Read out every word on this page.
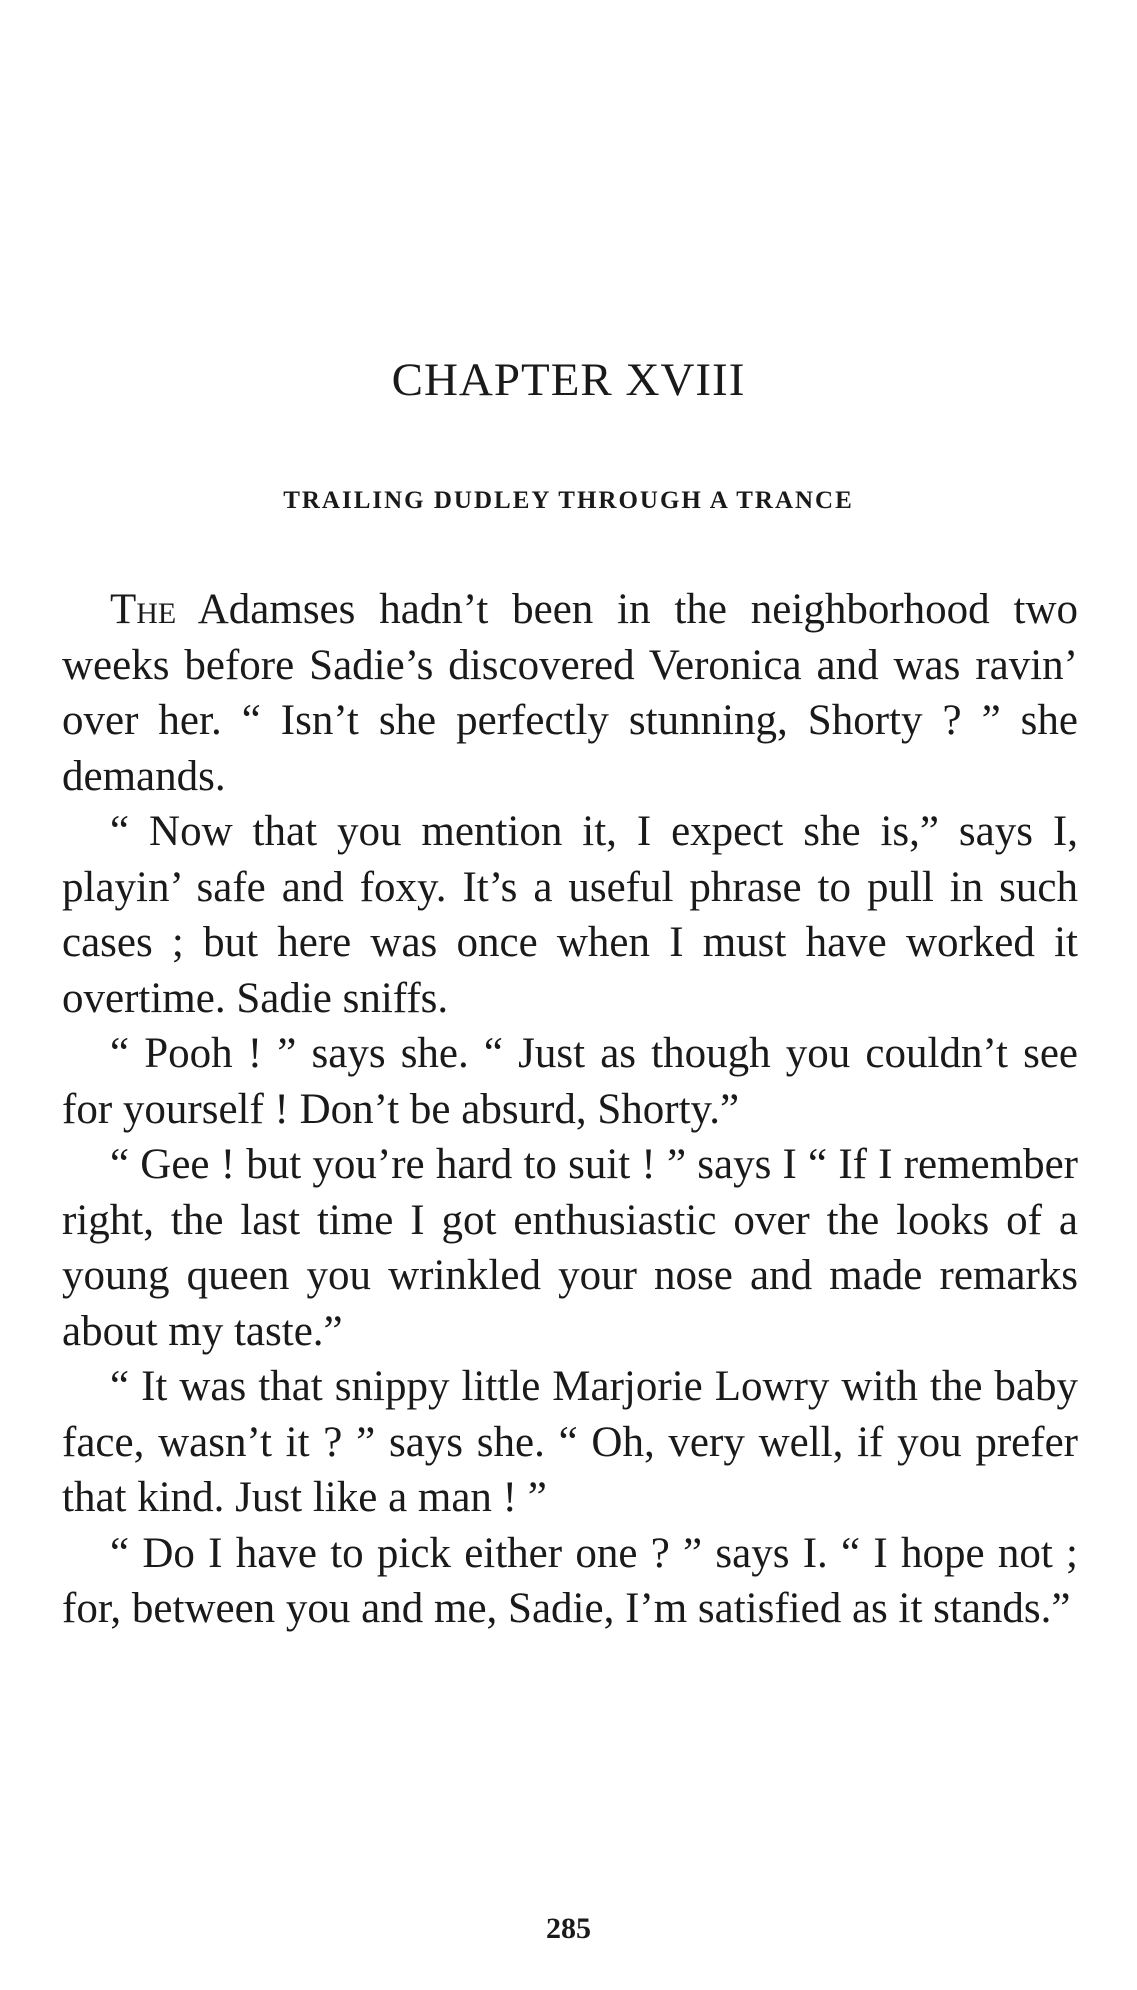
CHAPTER XVIII
TRAILING DUDLEY THROUGH A TRANCE

The Adamses hadn’t been in the neighborhood two weeks before Sadie’s discovered Veronica and was ravin’ over her. “ Isn’t she perfectly stunning, Shorty ? ” she demands.

“ Now that you mention it, I expect she is,” says I, playin’ safe and foxy. It’s a useful phrase to pull in such cases ; but here was once when I must have worked it overtime. Sadie sniffs.

“ Pooh ! ” says she. “ Just as though you couldn’t see for yourself ! Don’t be absurd, Shorty.”

“ Gee ! but you’re hard to suit ! ” says I “ If I remember right, the last time I got enthusiastic over the looks of a young queen you wrinkled your nose and made remarks about my taste.”

“ It was that snippy little Marjorie Lowry with the baby face, wasn’t it ? ” says she. “ Oh, very well, if you prefer that kind. Just like a man ! ”

“ Do I have to pick either one ? ” says I. “ I hope not ; for, between you and me, Sadie, I’m satisfied as it stands.”

285
